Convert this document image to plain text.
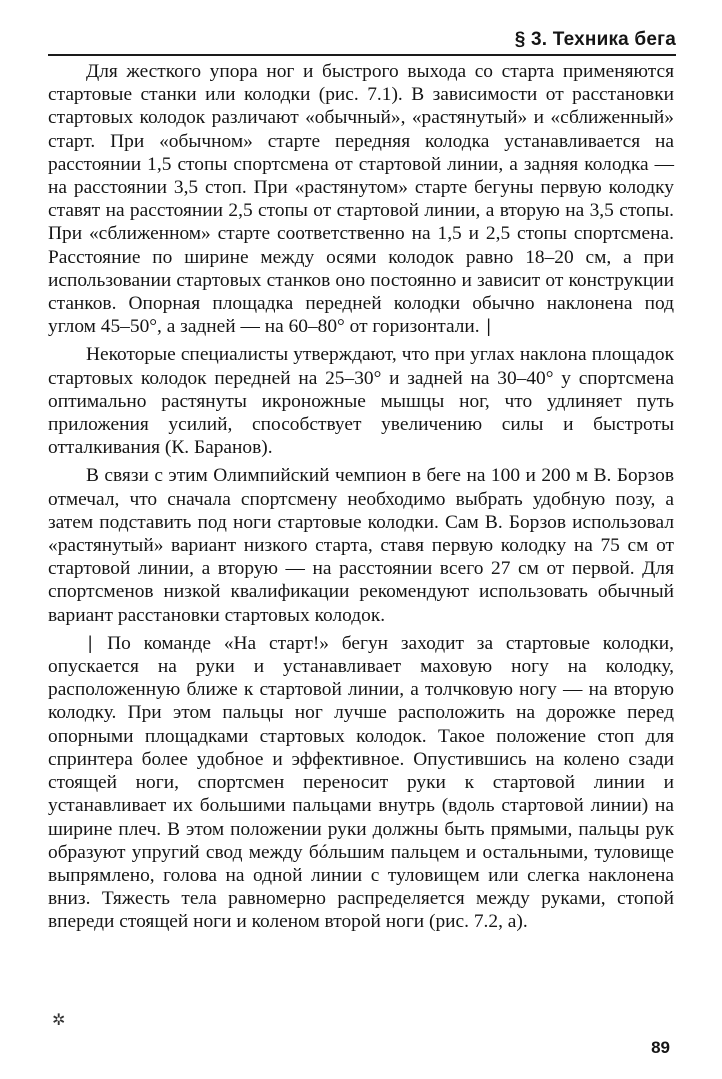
§ 3. Техника бега

Для жесткого упора ног и быстрого выхода со старта применяются стартовые станки или колодки (рис. 7.1). В зависимости от расстановки стартовых колодок различают «обычный», «растянутый» и «сближенный» старт. При «обычном» старте передняя колодка устанавливается на расстоянии 1,5 стопы спортсмена от стартовой линии, а задняя колодка — на расстоянии 3,5 стоп. При «растянутом» старте бегуны первую колодку ставят на расстоянии 2,5 стопы от стартовой линии, а вторую на 3,5 стопы. При «сближенном» старте соответственно на 1,5 и 2,5 стопы спортсмена. Расстояние по ширине между осями колодок равно 18–20 см, а при использовании стартовых станков оно постоянно и зависит от конструкции станков. Опорная площадка передней колодки обычно наклонена под углом 45–50°, а задней — на 60–80° от горизонтали. |

Некоторые специалисты утверждают, что при углах наклона площадок стартовых колодок передней на 25–30° и задней на 30–40° у спортсмена оптимально растянуты икроножные мышцы ног, что удлиняет путь приложения усилий, способствует увеличению силы и быстроты отталкивания (К. Баранов).

В связи с этим Олимпийский чемпион в беге на 100 и 200 м В. Борзов отмечал, что сначала спортсмену необходимо выбрать удобную позу, а затем подставить под ноги стартовые колодки. Сам В. Борзов использовал «растянутый» вариант низкого старта, ставя первую колодку на 75 см от стартовой линии, а вторую — на расстоянии всего 27 см от первой. Для спортсменов низкой квалификации рекомендуют использовать обычный вариант расстановки стартовых колодок.

| По команде «На старт!» бегун заходит за стартовые колодки, опускается на руки и устанавливает маховую ногу на колодку, расположенную ближе к стартовой линии, а толчковую ногу — на вторую колодку. При этом пальцы ног лучше расположить на дорожке перед опорными площадками стартовых колодок. Такое положение стоп для спринтера более удобное и эффективное. Опустившись на колено сзади стоящей ноги, спортсмен переносит руки к стартовой линии и устанавливает их большими пальцами внутрь (вдоль стартовой линии) на ширине плеч. В этом положении руки должны быть прямыми, пальцы рук образуют упругий свод между бóльшим пальцем и остальными, туловище выпрямлено, голова на одной линии с туловищем или слегка наклонена вниз. Тяжесть тела равномерно распределяется между руками, стопой впереди стоящей ноги и коленом второй ноги (рис. 7.2, а).

✲
89
